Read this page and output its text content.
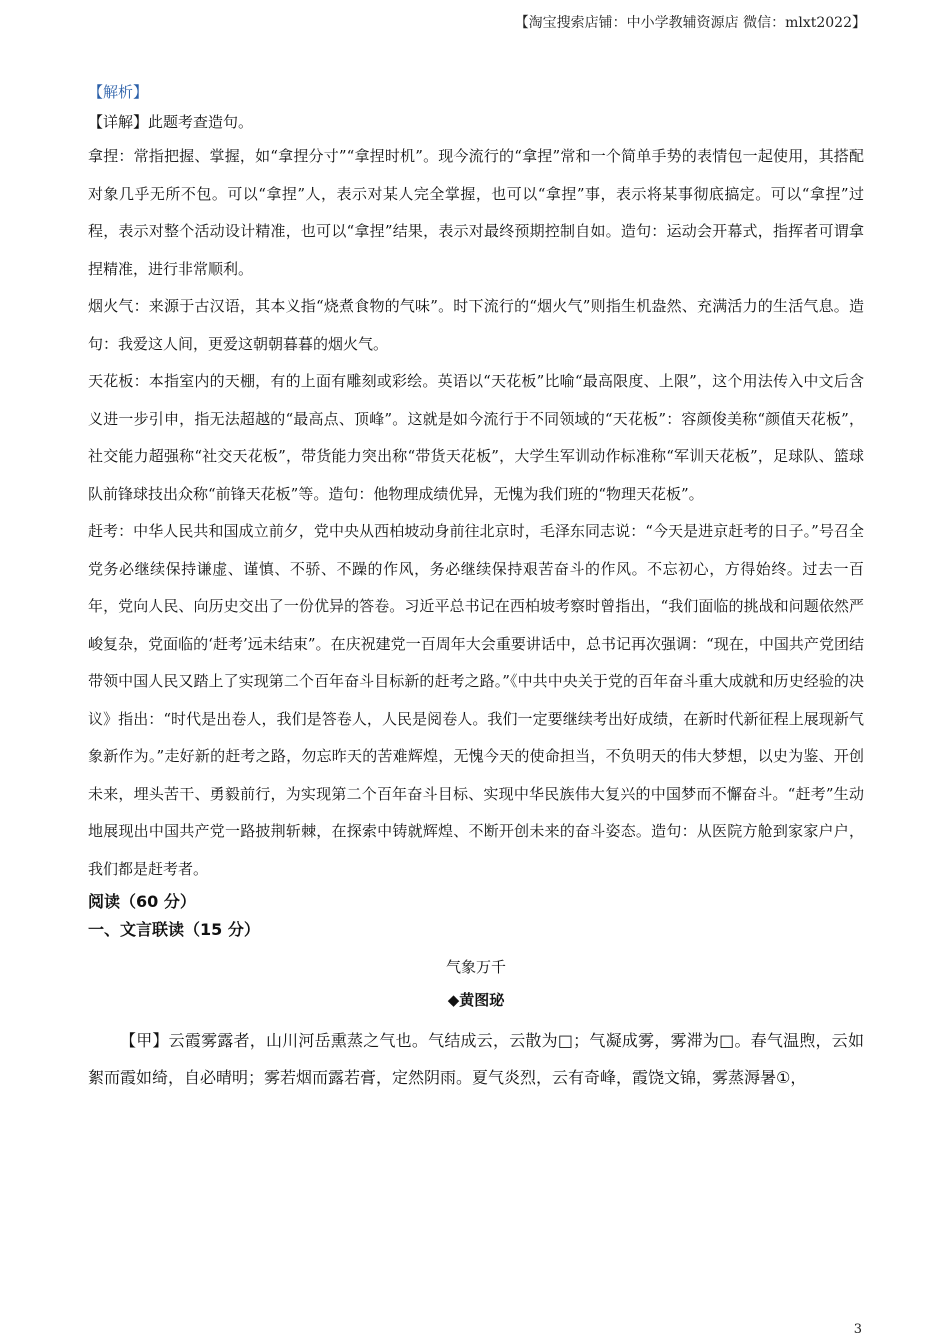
【淘宝搜索店铺：中小学教辅资源店 微信：mlxt2022】
【解析】
【详解】此题考查造句。

拿捏：常指把握、掌握，如“拿捏分寸”“拿捏时机”。现今流行的“拿捏”常和一个简单手势的表情包一起使用，其搭配对象几乎无所不包。可以“拿捏”人，表示对某人完全掌握，也可以“拿捏”事，表示将某事彻底搞定。可以“拿捏”过程，表示对整个活动设计精准，也可以“拿捏”结果，表示对最终预期控制自如。造句：运动会开幕式，指挥者可谓拿捏精准，进行非常顺利。

烟火气：来源于古汉语，其本义指“烧煮食物的气味”。时下流行的“烟火气”则指生机盎然、充满活力的生活气息。造句：我爱这人间，更爱这朝朝暮暮的烟火气。

天花板：本指室内的天棚，有的上面有雕刻或彩绘。英语以“天花板”比喻“最高限度、上限”，这个用法传入中文后含义进一步引申，指无法超越的“最高点、顶峰”。这就是如今流行于不同领域的“天花板”：容颜俊美称“颜值天花板”，社交能力超强称“社交天花板”，带货能力突出称“带货天花板”，大学生军训动作标准称“军训天花板”，足球队、篮球队前锋球技出众称“前锋天花板”等。造句：他物理成绩优异，无愧为我们班的“物理天花板”。

赶考：中华人民共和国成立前夕，党中央从西柏坡动身前往北京时，毛泽东同志说：“今天是进京赶考的日子。”号召全党务必继续保持谦虚、谨慎、不骄、不躁的作风，务必继续保持艰苦奋斗的作风。不忘初心，方得始终。过去一百年，党向人民、向历史交出了一份优异的答卷。习近平总书记在西柏坡考察时曾指出，“我们面临的挑战和问题依然严峻复杂，党面临的‘赶考’远未结束”。在庆祝建党一百周年大会重要讲话中，总书记再次强调：“现在，中国共产党团结带领中国人民又踏上了实现第二个百年奋斗目标新的赶考之路。”《中共中央关于党的百年奋斗重大成就和历史经验的决议》指出：“时代是出卷人，我们是答卷人，人民是阅卷人。我们一定要继续考出好成绩，在新时代新征程上展现新气象新作为。”走好新的赶考之路，勿忘昨天的苦难辉煌，无愧今天的使命担当，不负明天的伟大梦想，以史为鉴、开创未来，埋头苦干、勇毅前行，为实现第二个百年奋斗目标、实现中华民族伟大复兴的中国梦而不懈奋斗。“赶考”生动地展现出中国共产党一路披荆斩棘，在探索中铸就辉煌、不断开创未来的奋斗姿态。造句：从医院方舱到家家户户，我们都是赶考者。

阅读（60 分）
一、文言联读（15 分）
气象万千
◆黄图珌

【甲】云霞雾露者，山川河岳熏蒸之气也。气结成云，云散为□；气凝成雾，雾滞为□。春气温煦，云如絮而霞如绮，自必晴明；雾若烟而露若膏，定然阴雨。夏气炎烈，云有奇峰，霞饶文锦，雾蒸溽暑①，

3
